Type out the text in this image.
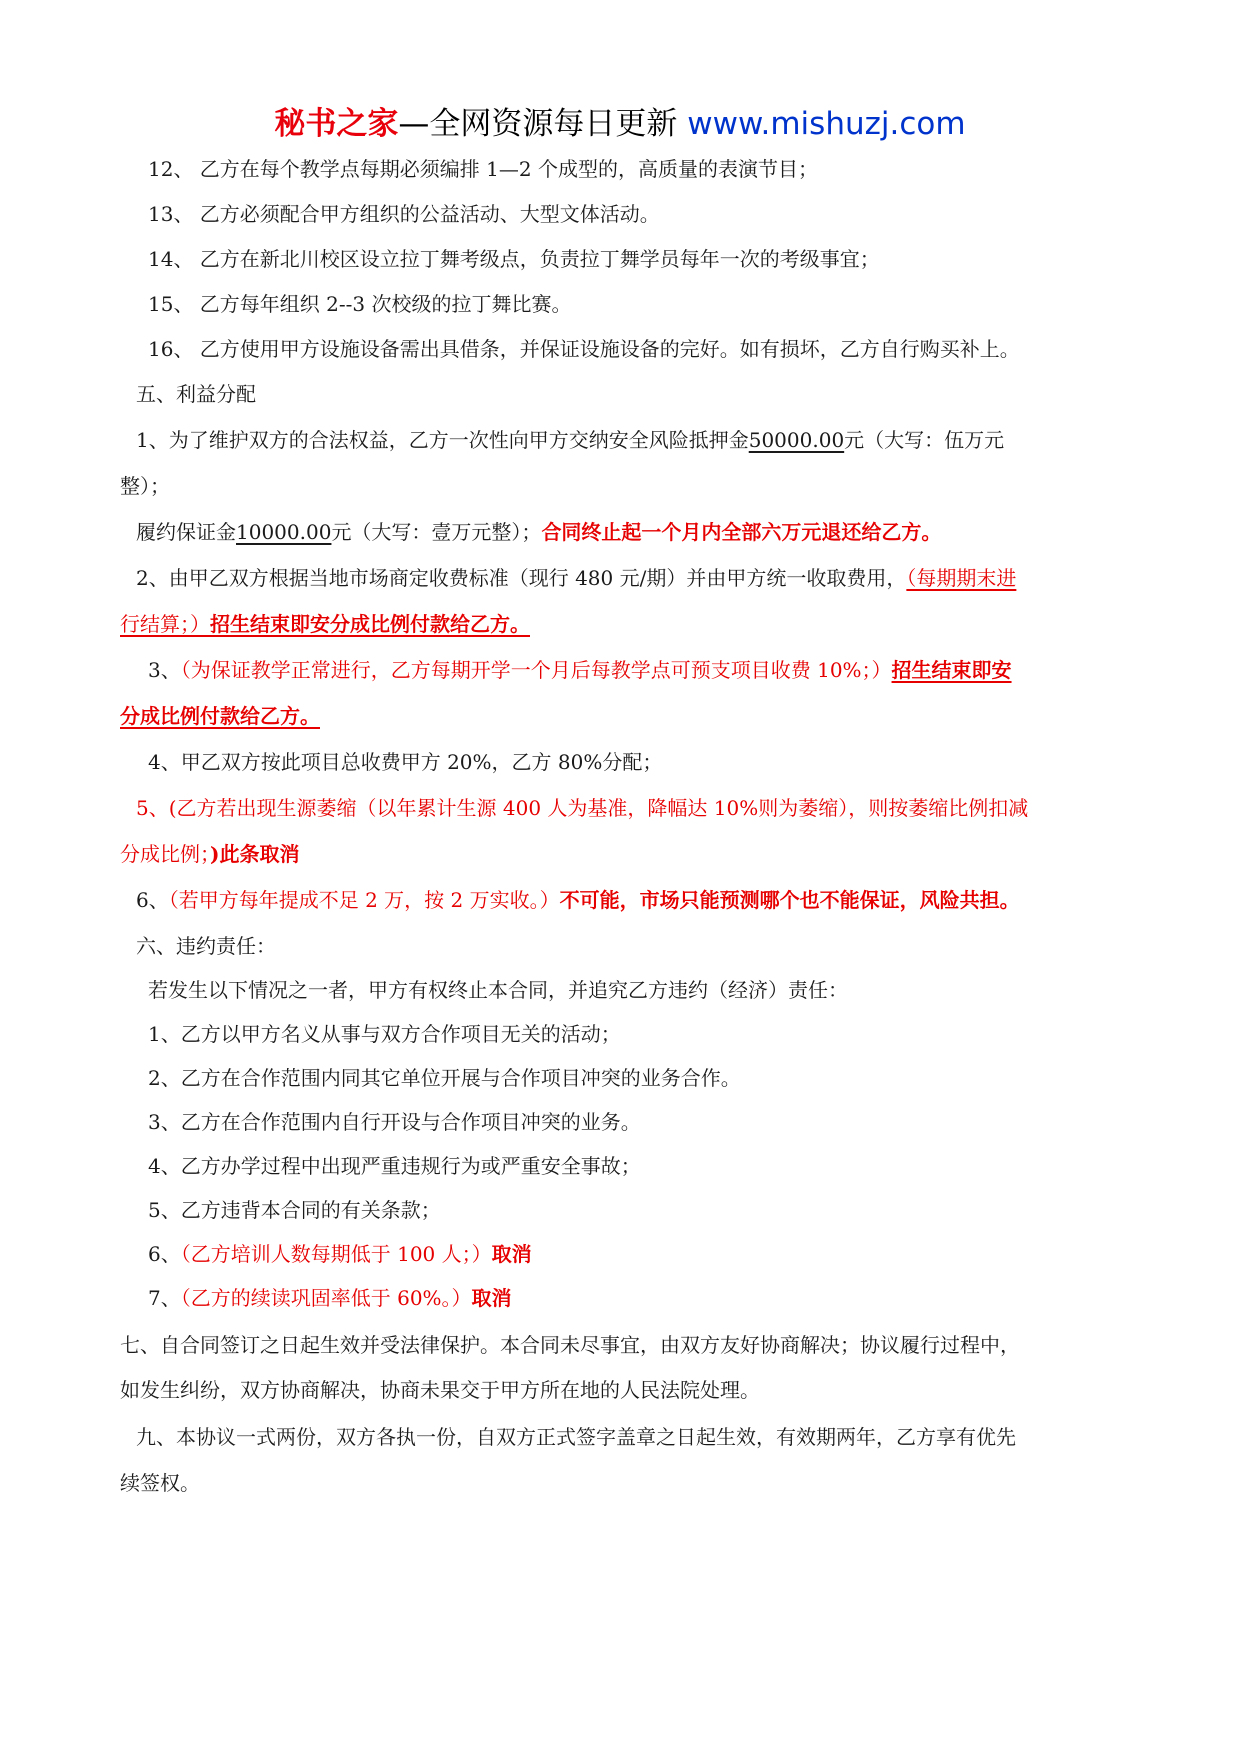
秘书之家—全网资源每日更新 www.mishuzj.com
12、 乙方在每个教学点每期必须编排 1—2 个成型的，高质量的表演节目；
13、 乙方必须配合甲方组织的公益活动、大型文体活动。
14、 乙方在新北川校区设立拉丁舞考级点，负责拉丁舞学员每年一次的考级事宜；
15、 乙方每年组织 2--3 次校级的拉丁舞比赛。
16、 乙方使用甲方设施设备需出具借条，并保证设施设备的完好。如有损坏，乙方自行购买补上。
五、利益分配
1、为了维护双方的合法权益，乙方一次性向甲方交纳安全风险抵押金50000.00元（大写：伍万元
整）；
履约保证金10000.00元（大写：壹万元整）；合同终止起一个月内全部六万元退还给乙方。
2、由甲乙双方根据当地市场商定收费标准（现行 480 元/期）并由甲方统一收取费用，（每期期末进
行结算；）招生结束即安分成比例付款给乙方。
3、（为保证教学正常进行，乙方每期开学一个月后每教学点可预支项目收费 10%；）招生结束即安
分成比例付款给乙方。
4、甲乙双方按此项目总收费甲方 20%，乙方 80%分配；
5、(乙方若出现生源萎缩（以年累计生源 400 人为基准，降幅达 10%则为萎缩），则按萎缩比例扣减
分成比例；)此条取消
6、（若甲方每年提成不足 2 万，按 2 万实收。）不可能，市场只能预测哪个也不能保证，风险共担。
六、违约责任：
若发生以下情况之一者，甲方有权终止本合同，并追究乙方违约（经济）责任：
1、乙方以甲方名义从事与双方合作项目无关的活动；
2、乙方在合作范围内同其它单位开展与合作项目冲突的业务合作。
3、乙方在合作范围内自行开设与合作项目冲突的业务。
4、乙方办学过程中出现严重违规行为或严重安全事故；
5、乙方违背本合同的有关条款；
6、（乙方培训人数每期低于 100 人；）取消
7、（乙方的续读巩固率低于 60%。）取消
七、自合同签订之日起生效并受法律保护。本合同未尽事宜，由双方友好协商解决；协议履行过程中，
如发生纠纷，双方协商解决，协商未果交于甲方所在地的人民法院处理。
九、本协议一式两份，双方各执一份，自双方正式签字盖章之日起生效，有效期两年，乙方享有优先
续签权。
